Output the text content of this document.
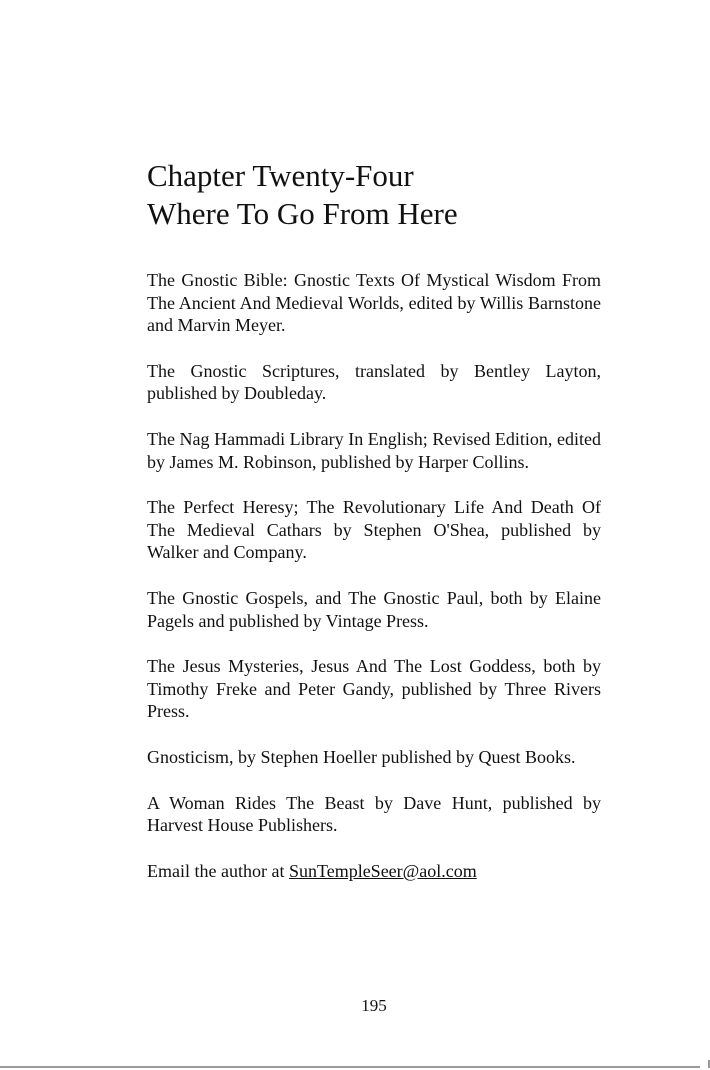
Chapter Twenty-Four
Where To Go From Here

The Gnostic Bible: Gnostic Texts Of Mystical Wisdom From The Ancient And Medieval Worlds, edited by Willis Barnstone and Marvin Meyer.

The Gnostic Scriptures, translated by Bentley Layton, published by Doubleday.

The Nag Hammadi Library In English; Revised Edition, edited by James M. Robinson, published by Harper Collins.

The Perfect Heresy; The Revolutionary Life And Death Of The Medieval Cathars by Stephen O'Shea, published by Walker and Company.

The Gnostic Gospels, and The Gnostic Paul, both by Elaine Pagels and published by Vintage Press.

The Jesus Mysteries, Jesus And The Lost Goddess, both by Timothy Freke and Peter Gandy, published by Three Rivers Press.

Gnosticism, by Stephen Hoeller published by Quest Books.

A Woman Rides The Beast by Dave Hunt, published by Harvest House Publishers.

Email the author at SunTempleSeer@aol.com

195
